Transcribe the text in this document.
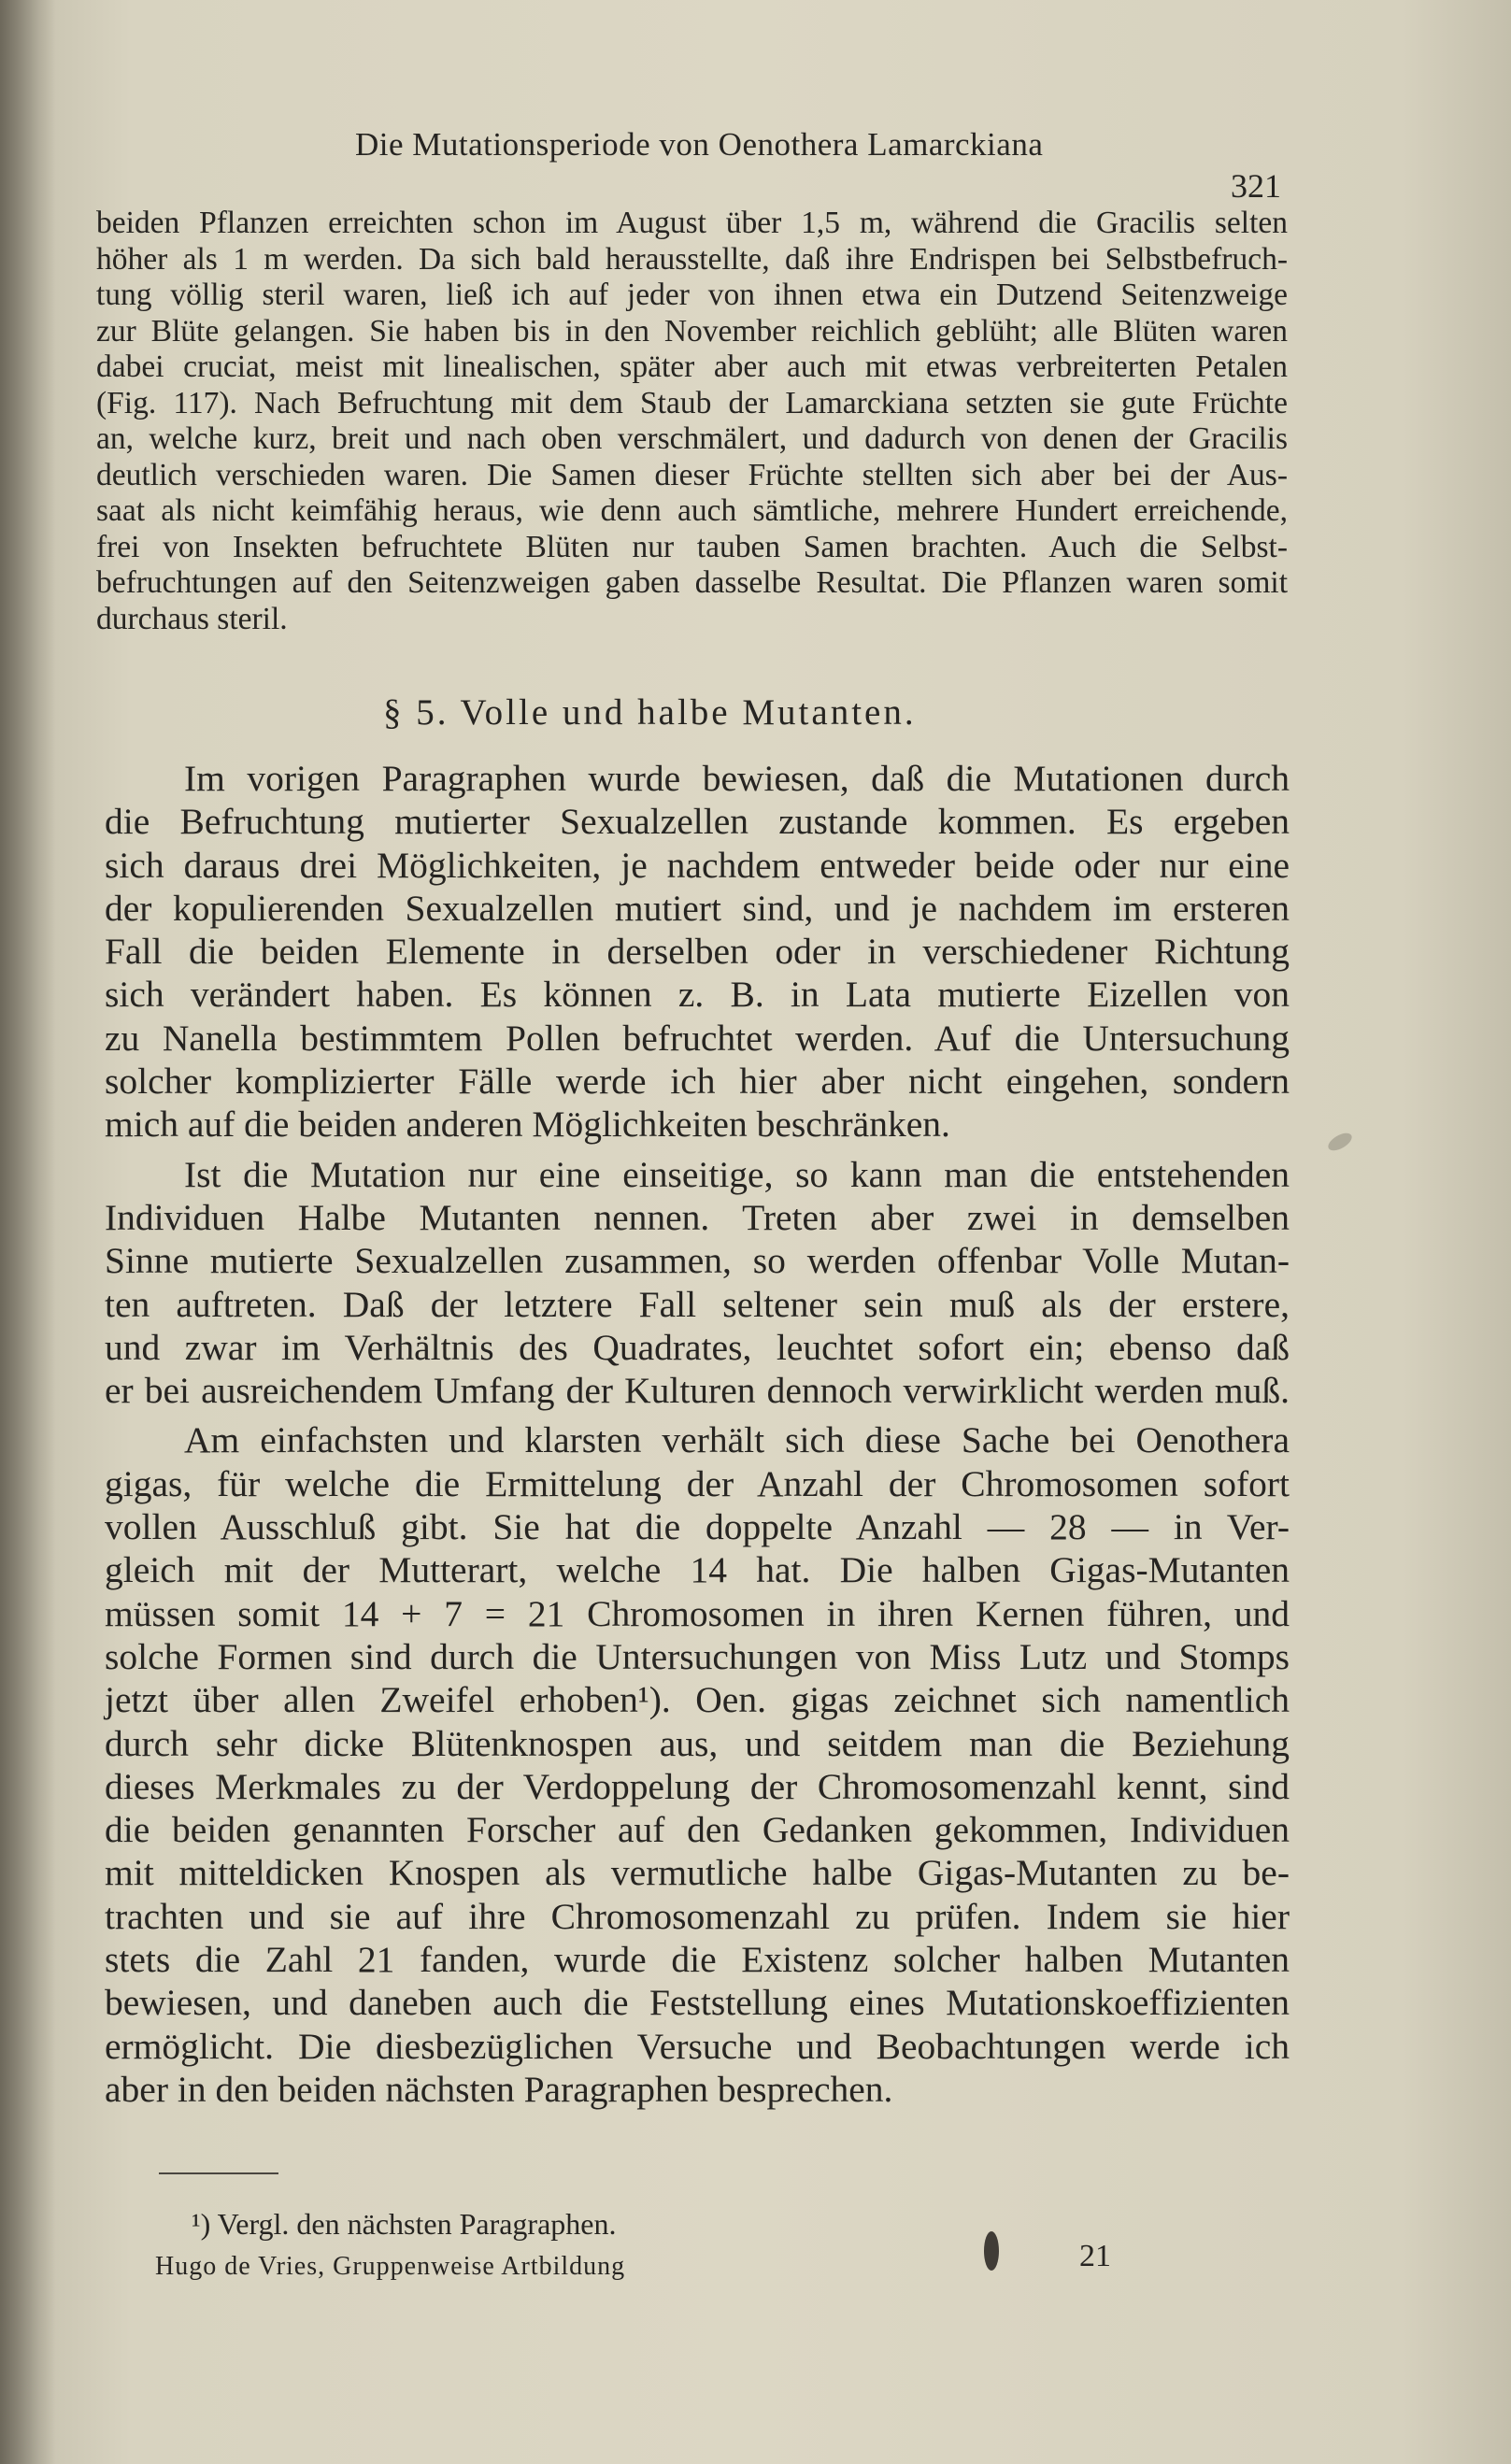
Die Mutationsperiode von Oenothera Lamarckiana
321
beiden Pflanzen erreichten schon im August über 1,5 m, während die Gracilis selten
höher als 1 m werden. Da sich bald herausstellte, daß ihre Endrispen bei Selbstbefruch-
tung völlig steril waren, ließ ich auf jeder von ihnen etwa ein Dutzend Seitenzweige
zur Blüte gelangen. Sie haben bis in den November reichlich geblüht; alle Blüten waren
dabei cruciat, meist mit linealischen, später aber auch mit etwas verbreiterten Petalen
(Fig. 117). Nach Befruchtung mit dem Staub der Lamarckiana setzten sie gute Früchte
an, welche kurz, breit und nach oben verschmälert, und dadurch von denen der Gracilis
deutlich verschieden waren. Die Samen dieser Früchte stellten sich aber bei der Aus-
saat als nicht keimfähig heraus, wie denn auch sämtliche, mehrere Hundert erreichende,
frei von Insekten befruchtete Blüten nur tauben Samen brachten. Auch die Selbst-
befruchtungen auf den Seitenzweigen gaben dasselbe Resultat. Die Pflanzen waren somit
durchaus steril.
§ 5. Volle und halbe Mutanten.
Im vorigen Paragraphen wurde bewiesen, daß die Mutationen durch
die Befruchtung mutierter Sexualzellen zustande kommen. Es ergeben
sich daraus drei Möglichkeiten, je nachdem entweder beide oder nur eine
der kopulierenden Sexualzellen mutiert sind, und je nachdem im ersteren
Fall die beiden Elemente in derselben oder in verschiedener Richtung
sich verändert haben. Es können z. B. in Lata mutierte Eizellen von
zu Nanella bestimmtem Pollen befruchtet werden. Auf die Untersuchung
solcher komplizierter Fälle werde ich hier aber nicht eingehen, sondern
mich auf die beiden anderen Möglichkeiten beschränken.
Ist die Mutation nur eine einseitige, so kann man die entstehenden
Individuen Halbe Mutanten nennen. Treten aber zwei in demselben
Sinne mutierte Sexualzellen zusammen, so werden offenbar Volle Mutan-
ten auftreten. Daß der letztere Fall seltener sein muß als der erstere,
und zwar im Verhältnis des Quadrates, leuchtet sofort ein; ebenso daß
er bei ausreichendem Umfang der Kulturen dennoch verwirklicht werden muß.
Am einfachsten und klarsten verhält sich diese Sache bei Oenothera
gigas, für welche die Ermittelung der Anzahl der Chromosomen sofort
vollen Ausschluß gibt. Sie hat die doppelte Anzahl — 28 — in Ver-
gleich mit der Mutterart, welche 14 hat. Die halben Gigas-Mutanten
müssen somit 14 + 7 = 21 Chromosomen in ihren Kernen führen, und
solche Formen sind durch die Untersuchungen von Miss Lutz und Stomps
jetzt über allen Zweifel erhoben¹). Oen. gigas zeichnet sich namentlich
durch sehr dicke Blütenknospen aus, und seitdem man die Beziehung
dieses Merkmales zu der Verdoppelung der Chromosomenzahl kennt, sind
die beiden genannten Forscher auf den Gedanken gekommen, Individuen
mit mitteldicken Knospen als vermutliche halbe Gigas-Mutanten zu be-
trachten und sie auf ihre Chromosomenzahl zu prüfen. Indem sie hier
stets die Zahl 21 fanden, wurde die Existenz solcher halben Mutanten
bewiesen, und daneben auch die Feststellung eines Mutationskoeffizienten
ermöglicht. Die diesbezüglichen Versuche und Beobachtungen werde ich
aber in den beiden nächsten Paragraphen besprechen.
¹) Vergl. den nächsten Paragraphen.
Hugo de Vries, Gruppenweise Artbildung	21
